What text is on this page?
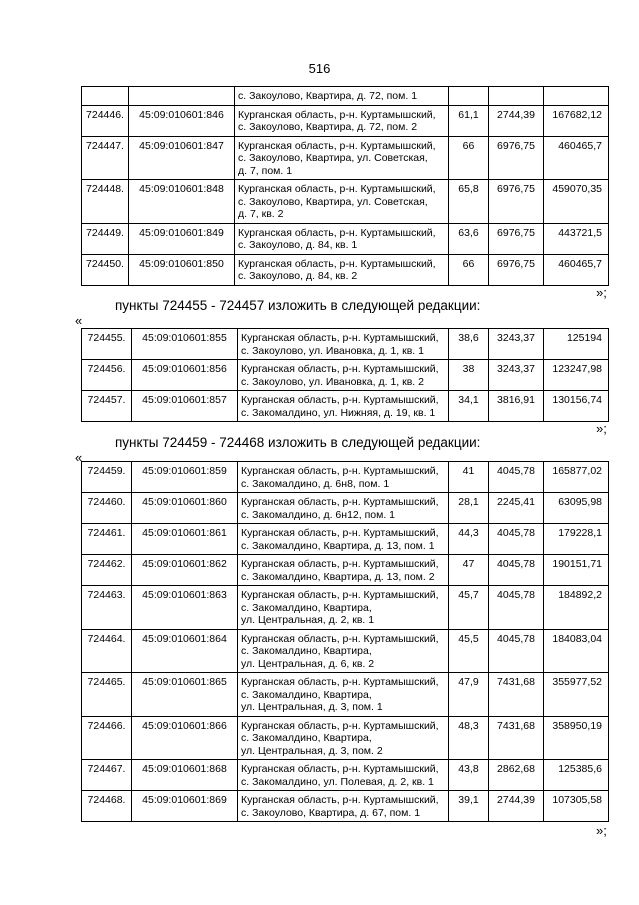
516

		с. Закоулово, Квартира, д. 72, пом. 1			

724446.	45:09:010601:846	Курганская область, р-н. Куртамышский,
с. Закоулово, Квартира, д. 72, пом. 2	61,1	2744,39	167682,12
724447.	45:09:010601:847	Курганская область, р-н. Куртамышский,
с. Закоулово, Квартира, ул. Советская,
д. 7, пом. 1	66	6976,75	460465,7
724448.	45:09:010601:848	Курганская область, р-н. Куртамышский,
с. Закоулово, Квартира, ул. Советская,
д. 7, кв. 2	65,8	6976,75	459070,35
724449.	45:09:010601:849	Курганская область, р-н. Куртамышский,
с. Закоулово, д. 84, кв. 1	63,6	6976,75	443721,5
724450.	45:09:010601:850	Курганская область, р-н. Куртамышский,
с. Закоулово, д. 84, кв. 2	66	6976,75	460465,7
»;
пункты 724455 - 724457 изложить в следующей редакции:
«
724455.	45:09:010601:855	Курганская область, р-н. Куртамышский,
с. Закоулово, ул. Ивановка, д. 1, кв. 1	38,6	3243,37	125194
724456.	45:09:010601:856	Курганская область, р-н. Куртамышский,
с. Закоулово, ул. Ивановка, д. 1, кв. 2	38	3243,37	123247,98
724457.	45:09:010601:857	Курганская область, р-н. Куртамышский,
с. Закомалдино, ул. Нижняя, д. 19, кв. 1	34,1	3816,91	130156,74
»;
пункты 724459 - 724468 изложить в следующей редакции:
«
724459.	45:09:010601:859	Курганская область, р-н. Куртамышский,
с. Закомалдино, д. 6н8, пом. 1	41	4045,78	165877,02
724460.	45:09:010601:860	Курганская область, р-н. Куртамышский,
с. Закомалдино, д. 6н12, пом. 1	28,1	2245,41	63095,98
724461.	45:09:010601:861	Курганская область, р-н. Куртамышский,
с. Закомалдино, Квартира, д. 13, пом. 1	44,3	4045,78	179228,1
724462.	45:09:010601:862	Курганская область, р-н. Куртамышский,
с. Закомалдино, Квартира, д. 13, пом. 2	47	4045,78	190151,71
724463.	45:09:010601:863	Курганская область, р-н. Куртамышский,
с. Закомалдино, Квартира,
ул. Центральная, д. 2, кв. 1	45,7	4045,78	184892,2
724464.	45:09:010601:864	Курганская область, р-н. Куртамышский,
с. Закомалдино, Квартира,
ул. Центральная, д. 6, кв. 2	45,5	4045,78	184083,04
724465.	45:09:010601:865	Курганская область, р-н. Куртамышский,
с. Закомалдино, Квартира,
ул. Центральная, д. 3, пом. 1	47,9	7431,68	355977,52
724466.	45:09:010601:866	Курганская область, р-н. Куртамышский,
с. Закомалдино, Квартира,
ул. Центральная, д. 3, пом. 2	48,3	7431,68	358950,19
724467.	45:09:010601:868	Курганская область, р-н. Куртамышский,
с. Закомалдино, ул. Полевая, д. 2, кв. 1	43,8	2862,68	125385,6
724468.	45:09:010601:869	Курганская область, р-н. Куртамышский,
с. Закоулово, Квартира, д. 67, пом. 1	39,1	2744,39	107305,58
»;
